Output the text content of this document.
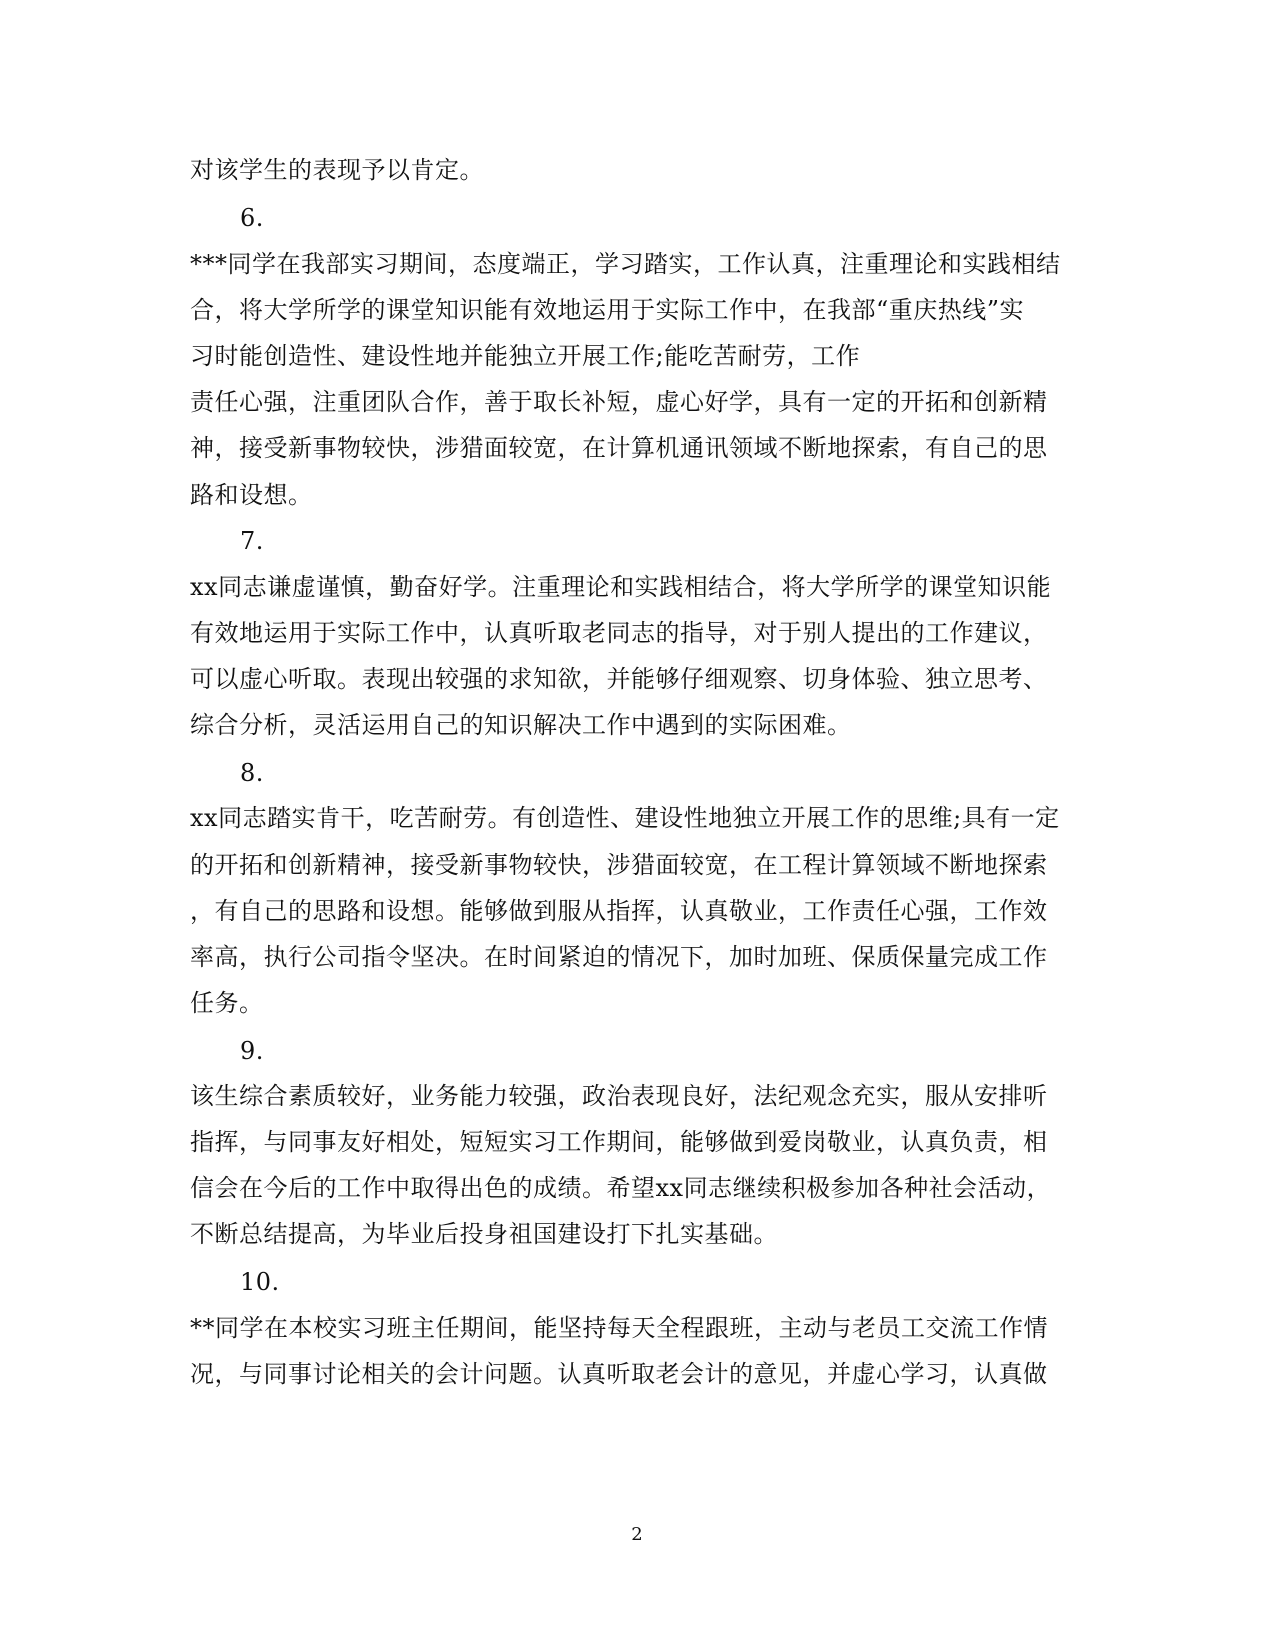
对该学生的表现予以肯定。
6.
***同学在我部实习期间，态度端正，学习踏实，工作认真，注重理论和实践相结
合，将大学所学的课堂知识能有效地运用于实际工作中，在我部“重庆热线”实
习时能创造性、建设性地并能独立开展工作;能吃苦耐劳，工作
责任心强，注重团队合作，善于取长补短，虚心好学，具有一定的开拓和创新精
神，接受新事物较快，涉猎面较宽，在计算机通讯领域不断地探索，有自己的思
路和设想。
7.
xx同志谦虚谨慎，勤奋好学。注重理论和实践相结合，将大学所学的课堂知识能
有效地运用于实际工作中，认真听取老同志的指导，对于别人提出的工作建议，
可以虚心听取。表现出较强的求知欲，并能够仔细观察、切身体验、独立思考、
综合分析，灵活运用自己的知识解决工作中遇到的实际困难。
8.
xx同志踏实肯干，吃苦耐劳。有创造性、建设性地独立开展工作的思维;具有一定
的开拓和创新精神，接受新事物较快，涉猎面较宽，在工程计算领域不断地探索
，有自己的思路和设想。能够做到服从指挥，认真敬业，工作责任心强，工作效
率高，执行公司指令坚决。在时间紧迫的情况下，加时加班、保质保量完成工作
任务。
9.
该生综合素质较好，业务能力较强，政治表现良好，法纪观念充实，服从安排听
指挥，与同事友好相处，短短实习工作期间，能够做到爱岗敬业，认真负责，相
信会在今后的工作中取得出色的成绩。希望xx同志继续积极参加各种社会活动，
不断总结提高，为毕业后投身祖国建设打下扎实基础。
10.
**同学在本校实习班主任期间，能坚持每天全程跟班，主动与老员工交流工作情
况，与同事讨论相关的会计问题。认真听取老会计的意见，并虚心学习，认真做
2
